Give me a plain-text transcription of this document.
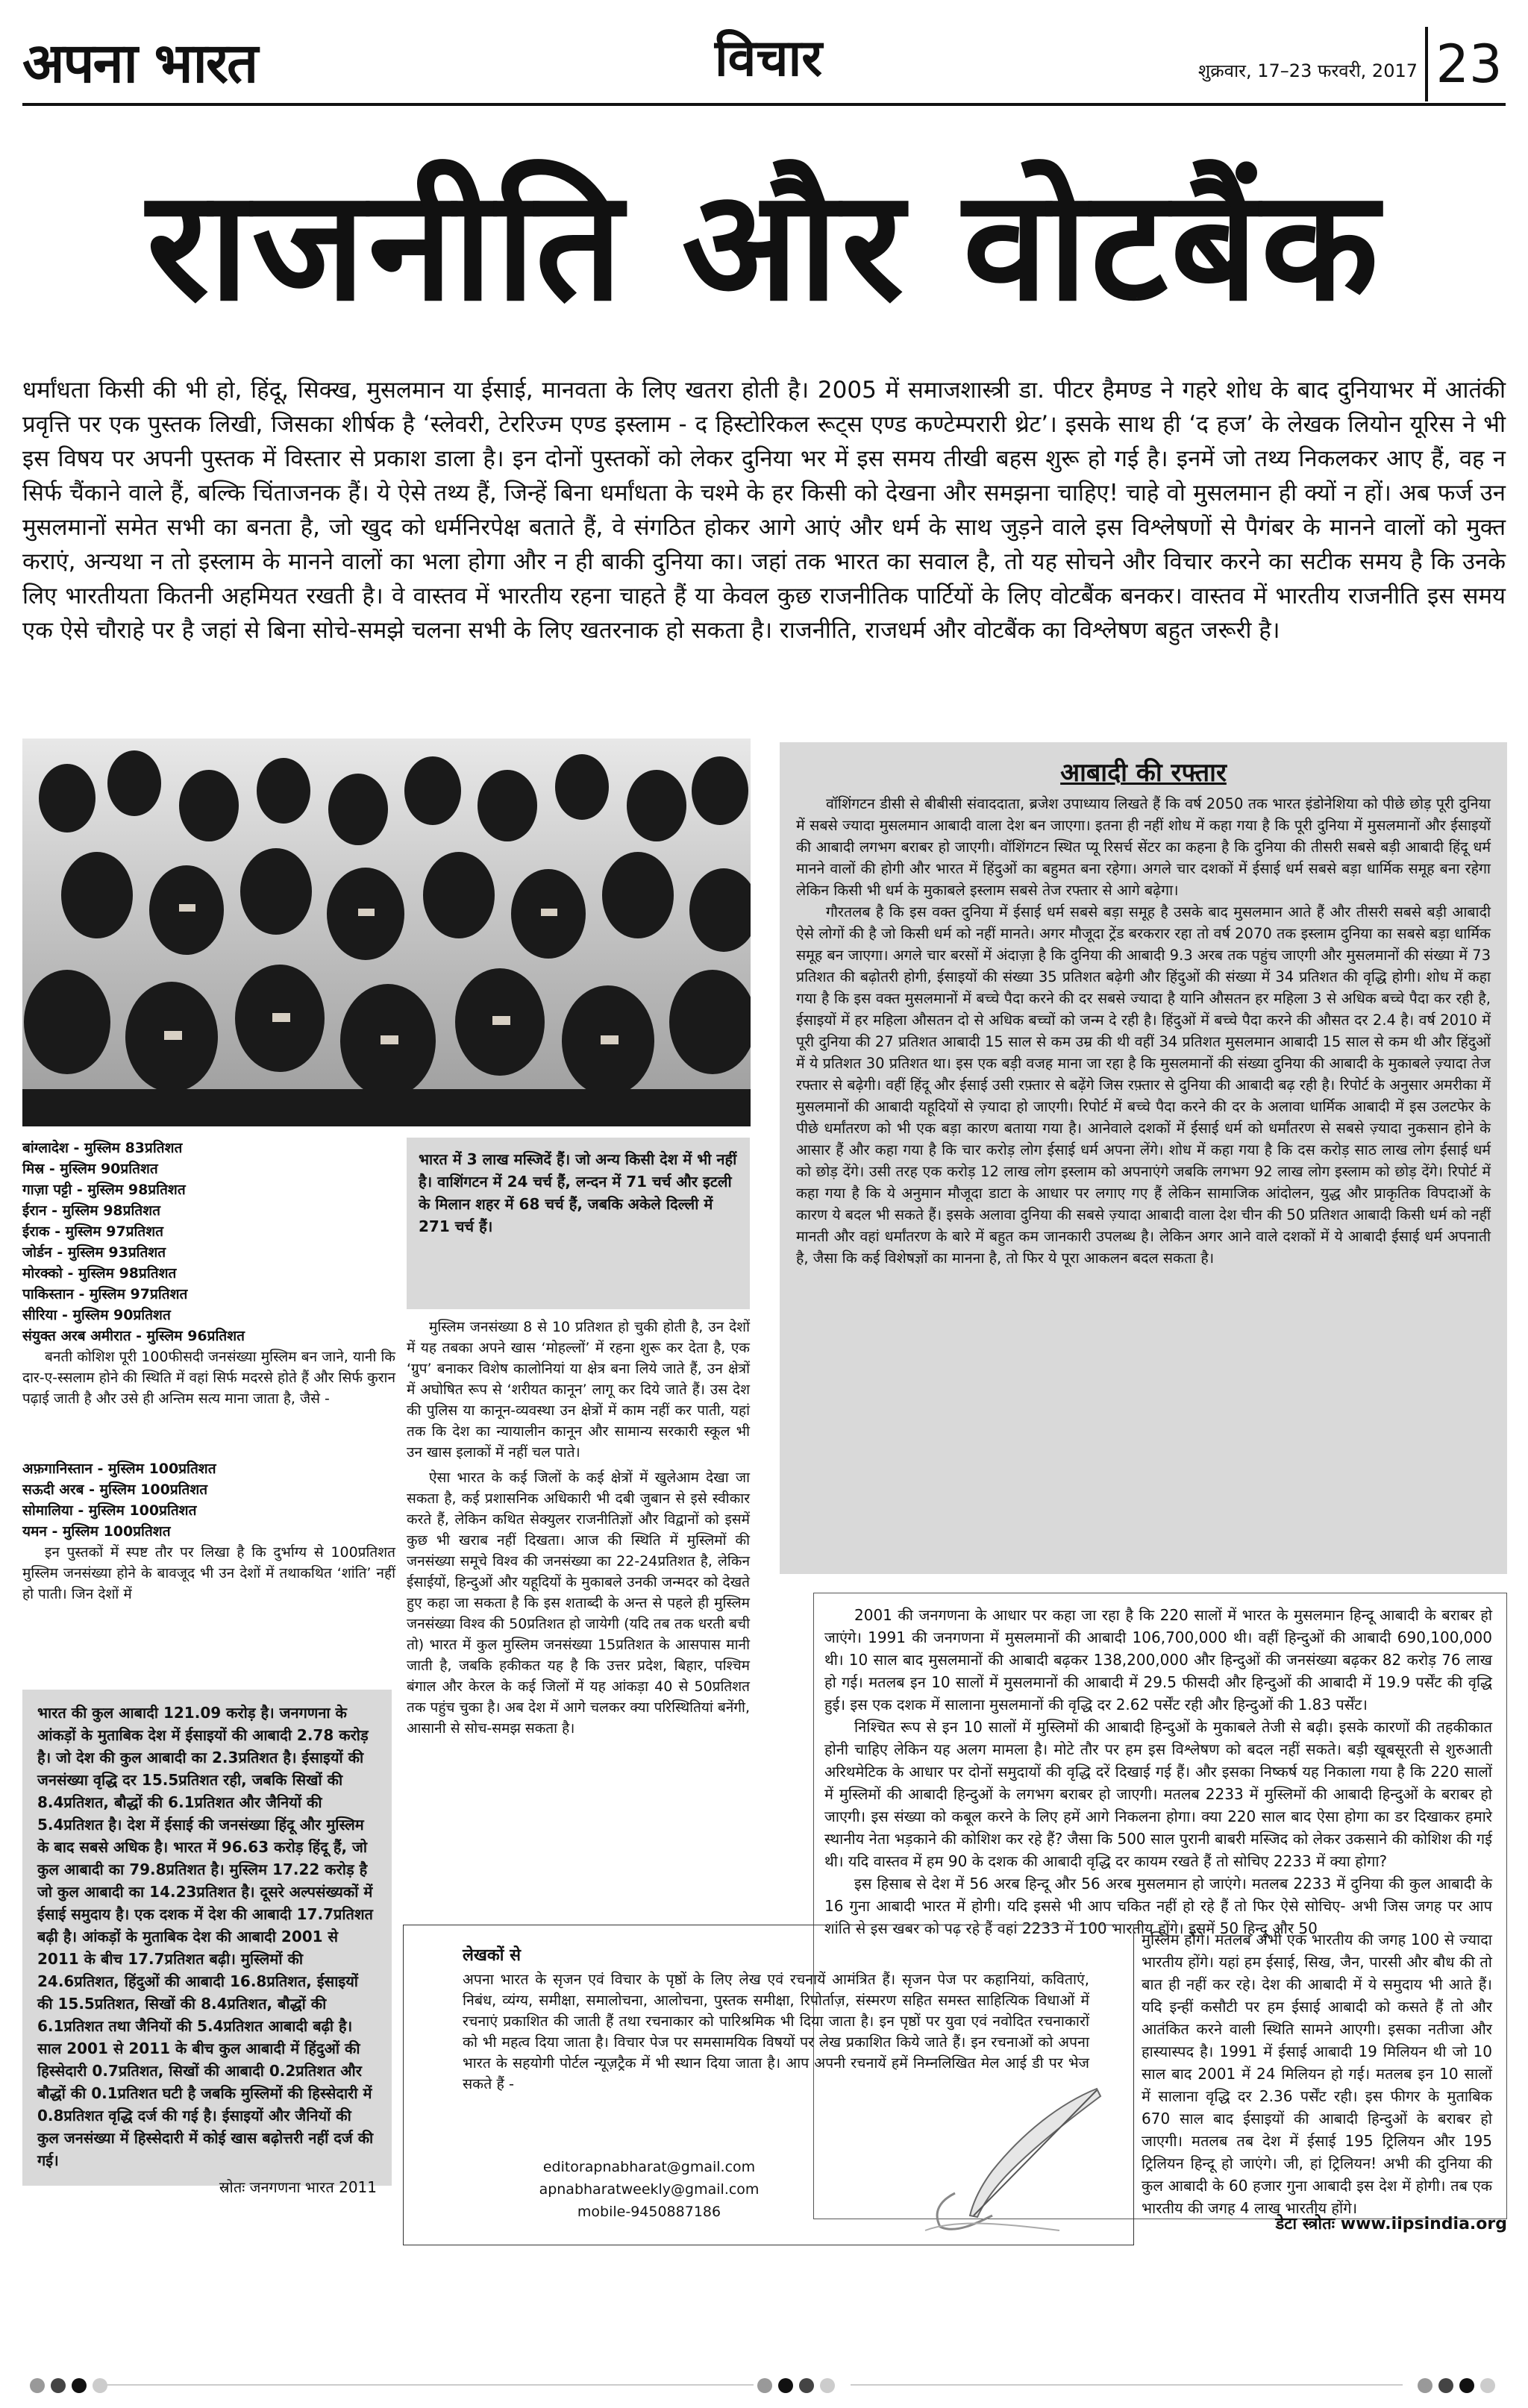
अपना भारत	विचार	शुक्रवार, 17–23 फरवरी, 2017 23
राजनीति और वोटबैंक
धर्मांधता किसी की भी हो, हिंदू, सिक्ख, मुसलमान या ईसाई, मानवता के लिए खतरा होती है। 2005 में समाजशास्त्री डा. पीटर हैमण्ड ने गहरे शोध के बाद दुनियाभर में आतंकी प्रवृत्ति पर एक पुस्तक लिखी, जिसका शीर्षक है ‘स्लेवरी, टेररिज्म एण्ड इस्लाम - द हिस्टोरिकल रूट्स एण्ड कण्टेम्परारी थ्रेट’। इसके साथ ही ‘द हज’ के लेखक लियोन यूरिस ने भी इस विषय पर अपनी पुस्तक में विस्तार से प्रकाश डाला है। इन दोनों पुस्तकों को लेकर दुनिया भर में इस समय तीखी बहस शुरू हो गई है। इनमें जो तथ्य निकलकर आए हैं, वह न सिर्फ चैंकाने वाले हैं, बल्कि चिंताजनक हैं। ये ऐसे तथ्य हैं, जिन्हें बिना धर्मांधता के चश्मे के हर किसी को देखना और समझना चाहिए! चाहे वो मुसलमान ही क्यों न हों। अब फर्ज उन मुसलमानों समेत सभी का बनता है, जो खुद को धर्मनिरपेक्ष बताते हैं, वे संगठित होकर आगे आएं और धर्म के साथ जुड़ने वाले इस विश्लेषणों से पैगंबर के मानने वालों को मुक्त कराएं, अन्यथा न तो इस्लाम के मानने वालों का भला होगा और न ही बाकी दुनिया का। जहां तक भारत का सवाल है, तो यह सोचने और विचार करने का सटीक समय है कि उनके लिए भारतीयता कितनी अहमियत रखती है। वे वास्तव में भारतीय रहना चाहते हैं या केवल कुछ राजनीतिक पार्टियों के लिए वोटबैंक बनकर। वास्तव में भारतीय राजनीति इस समय एक ऐसे चौराहे पर है जहां से बिना सोचे-समझे चलना सभी के लिए खतरनाक हो सकता है। राजनीति, राजधर्म और वोटबैंक का विश्लेषण बहुत जरूरी है।
बांग्लादेश - मुस्लिम 83प्रतिशत
मिस्र - मुस्लिम 90प्रतिशत
गाज़ा पट्टी - मुस्लिम 98प्रतिशत
ईरान - मुस्लिम 98प्रतिशत
ईराक - मुस्लिम 97प्रतिशत
जोर्डन - मुस्लिम 93प्रतिशत
मोरक्को - मुस्लिम 98प्रतिशत
पाकिस्तान - मुस्लिम 97प्रतिशत
सीरिया - मुस्लिम 90प्रतिशत
संयुक्त अरब अमीरात - मुस्लिम 96प्रतिशत
बनती कोशिश पूरी 100फीसदी जनसंख्या मुस्लिम बन जाने, यानी कि दार-ए-स्सलाम होने की स्थिति में वहां सिर्फ मदरसे होते हैं और सिर्फ कुरान पढ़ाई जाती है और उसे ही अन्तिम सत्य माना जाता है, जैसे -
अफ़गानिस्तान - मुस्लिम 100प्रतिशत
सऊदी अरब - मुस्लिम 100प्रतिशत
सोमालिया - मुस्लिम 100प्रतिशत
यमन - मुस्लिम 100प्रतिशत
इन पुस्तकों में स्पष्ट तौर पर लिखा है कि दुर्भाग्य से 100प्रतिशत मुस्लिम जनसंख्या होने के बावजूद भी उन देशों में तथाकथित ‘शांति’ नहीं हो पाती। जिन देशों में
भारत की कुल आबादी 121.09 करोड़ है। जनगणना के आंकड़ों के मुताबिक देश में ईसाइयों की आबादी 2.78 करोड़ है। जो देश की कुल आबादी का 2.3प्रतिशत है। ईसाइयों की जनसंख्या वृद्धि दर 15.5प्रतिशत रही, जबकि सिखों की 8.4प्रतिशत, बौद्धों की 6.1प्रतिशत और जैनियों की 5.4प्रतिशत है। देश में ईसाई की जनसंख्या हिंदू और मुस्लिम के बाद सबसे अधिक है। भारत में 96.63 करोड़ हिंदू हैं, जो कुल आबादी का 79.8प्रतिशत है। मुस्लिम 17.22 करोड़ है जो कुल आबादी का 14.23प्रतिशत है। दूसरे अल्पसंख्यकों में ईसाई समुदाय है। एक दशक में देश की आबादी 17.7प्रतिशत बढ़ी है। आंकड़ों के मुताबिक देश की आबादी 2001 से 2011 के बीच 17.7प्रतिशत बढ़ी। मुस्लिमों की 24.6प्रतिशत, हिंदुओं की आबादी 16.8प्रतिशत, ईसाइयों की 15.5प्रतिशत, सिखों की 8.4प्रतिशत, बौद्धों की 6.1प्रतिशत तथा जैनियों की 5.4प्रतिशत आबादी बढ़ी है। साल 2001 से 2011 के बीच कुल आबादी में हिंदुओं की हिस्सेदारी 0.7प्रतिशत, सिखों की आबादी 0.2प्रतिशत और बौद्धों की 0.1प्रतिशत घटी है जबकि मुस्लिमों की हिस्सेदारी में 0.8प्रतिशत वृद्धि दर्ज की गई है। ईसाइयों और जैनियों की कुल जनसंख्या में हिस्सेदारी में कोई खास बढ़ोत्तरी नहीं दर्ज की गई।
स्रोतः जनगणना भारत 2011
भारत में 3 लाख मस्जिदें हैं। जो अन्य किसी देश में भी नहीं है। वाशिंगटन में 24 चर्च हैं, लन्दन में 71 चर्च और इटली के मिलान शहर में 68 चर्च हैं, जबकि अकेले दिल्ली में 271 चर्च हैं।

मुस्लिम जनसंख्या 8 से 10 प्रतिशत हो चुकी होती है, उन देशों में यह तबका अपने खास ‘मोहल्लों’ में रहना शुरू कर देता है, एक ‘ग्रुप’ बनाकर विशेष कालोनियां या क्षेत्र बना लिये जाते हैं, उन क्षेत्रों में अघोषित रूप से ‘शरीयत कानून’ लागू कर दिये जाते हैं। उस देश की पुलिस या कानून-व्यवस्था उन क्षेत्रों में काम नहीं कर पाती, यहां तक कि देश का न्यायालीन कानून और सामान्य सरकारी स्कूल भी उन खास इलाकों में नहीं चल पाते।

ऐसा भारत के कई जिलों के कई क्षेत्रों में खुलेआम देखा जा सकता है, कई प्रशासनिक अधिकारी भी दबी जुबान से इसे स्वीकार करते हैं, लेकिन कथित सेक्युलर राजनीतिज्ञों और विद्वानों को इसमें कुछ भी खराब नहीं दिखता। आज की स्थिति में मुस्लिमों की जनसंख्या समूचे विश्व की जनसंख्या का 22-24प्रतिशत है, लेकिन ईसाईयों, हिन्दुओं और यहूदियों के मुकाबले उनकी जन्मदर को देखते हुए कहा जा सकता है कि इस शताब्दी के अन्त से पहले ही मुस्लिम जनसंख्या विश्व की 50प्रतिशत हो जायेगी (यदि तब तक धरती बची तो) भारत में कुल मुस्लिम जनसंख्या 15प्रतिशत के आसपास मानी जाती है, जबकि हकीकत यह है कि उत्तर प्रदेश, बिहार, पश्चिम बंगाल और केरल के कई जिलों में यह आंकड़ा 40 से 50प्रतिशत तक पहुंच चुका है। अब देश में आगे चलकर क्या परिस्थितियां बनेंगी, आसानी से सोच-समझ सकता है।

आबादी की रफ्तार

वॉशिंगटन डीसी से बीबीसी संवाददाता, ब्रजेश उपाध्याय लिखते हैं कि वर्ष 2050 तक भारत इंडोनेशिया को पीछे छोड़ पूरी दुनिया में सबसे ज्यादा मुसलमान आबादी वाला देश बन जाएगा। इतना ही नहीं शोध में कहा गया है कि पूरी दुनिया में मुसलमानों और ईसाइयों की आबादी लगभग बराबर हो जाएगी। वॉशिंगटन स्थित प्यू रिसर्च सेंटर का कहना है कि दुनिया की तीसरी सबसे बड़ी आबादी हिंदू धर्म मानने वालों की होगी और भारत में हिंदुओं का बहुमत बना रहेगा। अगले चार दशकों में ईसाई धर्म सबसे बड़ा धार्मिक समूह बना रहेगा लेकिन किसी भी धर्म के मुकाबले इस्लाम सबसे तेज रफ्तार से आगे बढ़ेगा।

गौरतलब है कि इस वक्त दुनिया में ईसाई धर्म सबसे बड़ा समूह है उसके बाद मुसलमान आते हैं और तीसरी सबसे बड़ी आबादी ऐसे लोगों की है जो किसी धर्म को नहीं मानते। अगर मौजूदा ट्रेंड बरकरार रहा तो वर्ष 2070 तक इस्लाम दुनिया का सबसे बड़ा धार्मिक समूह बन जाएगा। अगले चार बरसों में अंदाज़ा है कि दुनिया की आबादी 9.3 अरब तक पहुंच जाएगी और मुसलमानों की संख्या में 73 प्रतिशत की बढ़ोतरी होगी, ईसाइयों की संख्या 35 प्रतिशत बढ़ेगी और हिंदुओं की संख्या में 34 प्रतिशत की वृद्धि होगी। शोध में कहा गया है कि इस वक्त मुसलमानों में बच्चे पैदा करने की दर सबसे ज्यादा है यानि औसतन हर महिला 3 से अधिक बच्चे पैदा कर रही है, ईसाइयों में हर महिला औसतन दो से अधिक बच्चों को जन्म दे रही है। हिंदुओं में बच्चे पैदा करने की औसत दर 2.4 है। वर्ष 2010 में पूरी दुनिया की 27 प्रतिशत आबादी 15 साल से कम उम्र की थी वहीं 34 प्रतिशत मुसलमान आबादी 15 साल से कम थी और हिंदुओं में ये प्रतिशत 30 प्रतिशत था। इस एक बड़ी वजह माना जा रहा है कि मुसलमानों की संख्या दुनिया की आबादी के मुकाबले ज़्यादा तेज रफ्तार से बढ़ेगी। वहीं हिंदू और ईसाई उसी रफ़्तार से बढ़ेंगे जिस रफ़्तार से दुनिया की आबादी बढ़ रही है। रिपोर्ट के अनुसार अमरीका में मुसलमानों की आबादी यहूदियों से ज़्यादा हो जाएगी। रिपोर्ट में बच्चे पैदा करने की दर के अलावा धार्मिक आबादी में इस उलटफेर के पीछे धर्मांतरण को भी एक बड़ा कारण बताया गया है। आनेवाले दशकों में ईसाई धर्म को धर्मांतरण से सबसे ज़्यादा नुकसान होने के आसार हैं और कहा गया है कि चार करोड़ लोग ईसाई धर्म अपना लेंगे। शोध में कहा गया है कि दस करोड़ साठ लाख लोग ईसाई धर्म को छोड़ देंगे। उसी तरह एक करोड़ 12 लाख लोग इस्लाम को अपनाएंगे जबकि लगभग 92 लाख लोग इस्लाम को छोड़ देंगे। रिपोर्ट में कहा गया है कि ये अनुमान मौजूदा डाटा के आधार पर लगाए गए हैं लेकिन सामाजिक आंदोलन, युद्ध और प्राकृतिक विपदाओं के कारण ये बदल भी सकते हैं। इसके अलावा दुनिया की सबसे ज़्यादा आबादी वाला देश चीन की 50 प्रतिशत आबादी किसी धर्म को नहीं मानती और वहां धर्मांतरण के बारे में बहुत कम जानकारी उपलब्ध है। लेकिन अगर आने वाले दशकों में ये आबादी ईसाई धर्म अपनाती है, जैसा कि कई विशेषज्ञों का मानना है, तो फिर ये पूरा आकलन बदल सकता है।

2001 की जनगणना के आधार पर कहा जा रहा है कि 220 सालों में भारत के मुसलमान हिन्दू आबादी के बराबर हो जाएंगे। 1991 की जनगणना में मुसलमानों की आबादी 106,700,000 थी। वहीं हिन्दुओं की आबादी 690,100,000 थी। 10 साल बाद मुसलमानों की आबादी बढ़कर 138,200,000 और हिन्दुओं की जनसंख्या बढ़कर 82 करोड़ 76 लाख हो गई। मतलब इन 10 सालों में मुसलमानों की आबादी में 29.5 फीसदी और हिन्दुओं की आबादी में 19.9 पर्सेंट की वृद्धि हुई। इस एक दशक में सालाना मुसलमानों की वृद्धि दर 2.62 पर्सेंट रही और हिन्दुओं की 1.83 पर्सेंट।

निश्चित रूप से इन 10 सालों में मुस्लिमों की आबादी हिन्दुओं के मुकाबले तेजी से बढ़ी। इसके कारणों की तहकीकात होनी चाहिए लेकिन यह अलग मामला है। मोटे तौर पर हम इस विश्लेषण को बदल नहीं सकते। बड़ी खूबसूरती से शुरुआती अरिथमेटिक के आधार पर दोनों समुदायों की वृद्धि दरें दिखाई गई हैं। और इसका निष्कर्ष यह निकाला गया है कि 220 सालों में मुस्लिमों की आबादी हिन्दुओं के लगभग बराबर हो जाएगी। मतलब 2233 में मुस्लिमों की आबादी हिन्दुओं के बराबर हो जाएगी। इस संख्या को कबूल करने के लिए हमें आगे निकलना होगा। क्या 220 साल बाद ऐसा होगा का डर दिखाकर हमारे स्थानीय नेता भड़काने की कोशिश कर रहे हैं? जैसा कि 500 साल पुरानी बाबरी मस्जिद को लेकर उकसाने की कोशिश की गई थी। यदि वास्तव में हम 90 के दशक की आबादी वृद्धि दर कायम रखते हैं तो सोचिए 2233 में क्या होगा?

इस हिसाब से देश में 56 अरब हिन्दू और 56 अरब मुसलमान हो जाएंगे। मतलब 2233 में दुनिया की कुल आबादी के 16 गुना आबादी भारत में होगी। यदि इससे भी आप चकित नहीं हो रहे हैं तो फिर ऐसे सोचिए- अभी जिस जगह पर आप शांति से इस खबर को पढ़ रहे हैं वहां 2233 में 100 भारतीय होंगे। इसमें 50 हिन्दू और 50

मुस्लिम होंगे। मतलब अभी एक भारतीय की जगह 100 से ज्यादा भारतीय होंगे। यहां हम ईसाई, सिख, जैन, पारसी और बौध की तो बात ही नहीं कर रहे। देश की आबादी में ये समुदाय भी आते हैं। यदि इन्हीं कसौटी पर हम ईसाई आबादी को कसते हैं तो और आतंकित करने वाली स्थिति सामने आएगी। इसका नतीजा और हास्यास्पद है। 1991 में ईसाई आबादी 19 मिलियन थी जो 10 साल बाद 2001 में 24 मिलियन हो गई। मतलब इन 10 सालों में सालाना वृद्धि दर 2.36 पर्सेंट रही। इस फीगर के मुताबिक 670 साल बाद ईसाइयों की आबादी हिन्दुओं के बराबर हो जाएगी। मतलब तब देश में ईसाई 195 ट्रिलियन और 195 ट्रिलियन हिन्दू हो जाएंगे। जी, हां ट्रिलियन! अभी की दुनिया की कुल आबादी के 60 हजार गुना आबादी इस देश में होगी। तब एक भारतीय की जगह 4 लाख भारतीय होंगे।
डेटा स्त्रोतः www.iipsindia.org
लेखकों से
अपना भारत के सृजन एवं विचार के पृष्ठों के लिए लेख एवं रचनायें आमंत्रित हैं। सृजन पेज पर कहानियां, कविताएं, निबंध, व्यंग्य, समीक्षा, समालोचना, आलोचना, पुस्तक समीक्षा, रिपोर्ताज़, संस्मरण सहित समस्त साहित्यिक विधाओं में रचनाएं प्रकाशित की जाती हैं तथा रचनाकार को पारिश्रमिक भी दिया जाता है। इन पृष्ठों पर युवा एवं नवोदित रचनाकारों को भी महत्व दिया जाता है। विचार पेज पर समसामयिक विषयों पर लेख प्रकाशित किये जाते हैं। इन रचनाओं को अपना भारत के सहयोगी पोर्टल न्यूज़ट्रैक में भी स्थान दिया जाता है। आप अपनी रचनायें हमें निम्नलिखित मेल आई डी पर भेज सकते हैं -
editorapnabharat@gmail.com
apnabharatweekly@gmail.com
mobile-9450887186
